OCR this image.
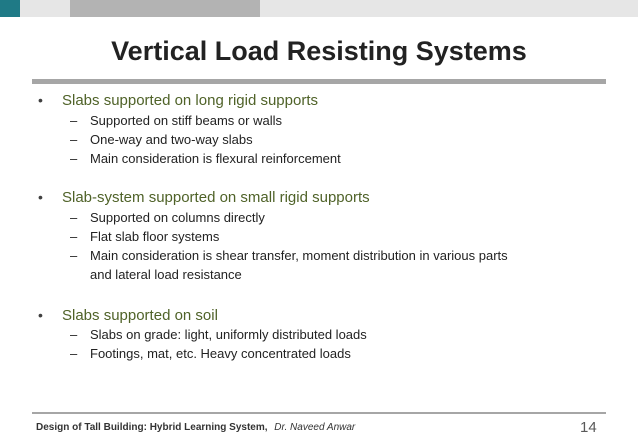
Vertical Load Resisting Systems
• Slabs supported on long rigid supports
– Supported on stiff beams or walls
– One-way and two-way slabs
– Main consideration is flexural reinforcement
• Slab-system supported on small rigid supports
– Supported on columns directly
– Flat slab floor systems
– Main consideration is shear transfer, moment distribution in various parts
and lateral load resistance
• Slabs supported on soil
– Slabs on grade: light, uniformly distributed loads
– Footings, mat, etc. Heavy concentrated loads
Design of Tall Building: Hybrid Learning System, Dr. Naveed Anwar	14
